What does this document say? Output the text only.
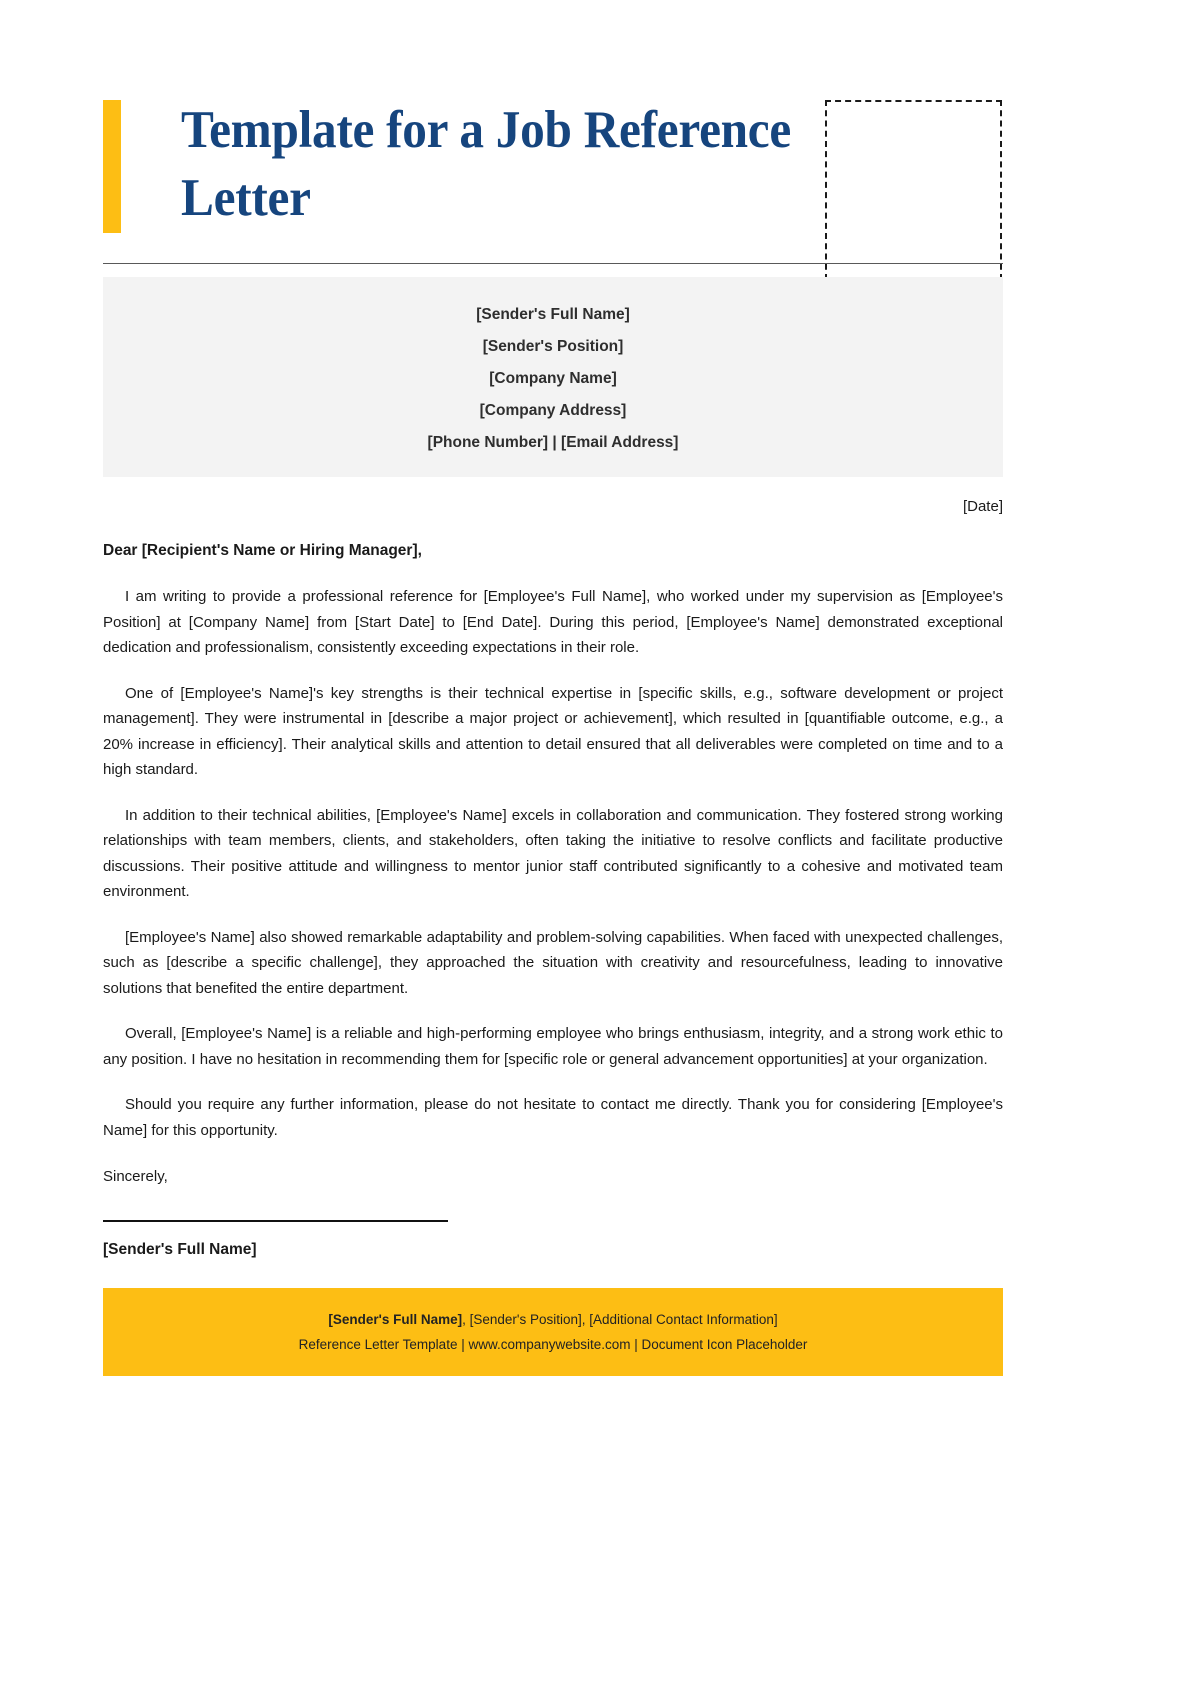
Template for a Job Reference Letter
[Sender's Full Name]
[Sender's Position]
[Company Name]
[Company Address]
[Phone Number] | [Email Address]
[Date]

Dear [Recipient's Name or Hiring Manager],

I am writing to provide a professional reference for [Employee's Full Name], who worked under my supervision as [Employee's Position] at [Company Name] from [Start Date] to [End Date]. During this period, [Employee's Name] demonstrated exceptional dedication and professionalism, consistently exceeding expectations in their role.

One of [Employee's Name]'s key strengths is their technical expertise in [specific skills, e.g., software development or project management]. They were instrumental in [describe a major project or achievement], which resulted in [quantifiable outcome, e.g., a 20% increase in efficiency]. Their analytical skills and attention to detail ensured that all deliverables were completed on time and to a high standard.

In addition to their technical abilities, [Employee's Name] excels in collaboration and communication. They fostered strong working relationships with team members, clients, and stakeholders, often taking the initiative to resolve conflicts and facilitate productive discussions. Their positive attitude and willingness to mentor junior staff contributed significantly to a cohesive and motivated team environment.

[Employee's Name] also showed remarkable adaptability and problem-solving capabilities. When faced with unexpected challenges, such as [describe a specific challenge], they approached the situation with creativity and resourcefulness, leading to innovative solutions that benefited the entire department.

Overall, [Employee's Name] is a reliable and high-performing employee who brings enthusiasm, integrity, and a strong work ethic to any position. I have no hesitation in recommending them for [specific role or general advancement opportunities] at your organization.

Should you require any further information, please do not hesitate to contact me directly. Thank you for considering [Employee's Name] for this opportunity.

Sincerely,

[Sender's Full Name]
[Sender's Full Name], [Sender's Position], [Additional Contact Information]
Reference Letter Template | www.companywebsite.com | Document Icon Placeholder
